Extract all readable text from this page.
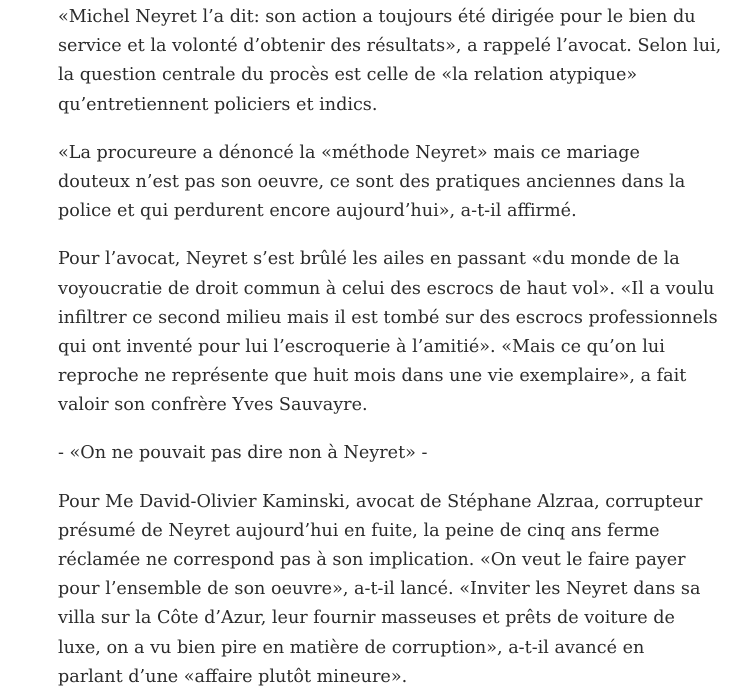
«Michel Neyret l’a dit: son action a toujours été dirigée pour le bien du
service et la volonté d’obtenir des résultats», a rappelé l’avocat. Selon lui,
la question centrale du procès est celle de «la relation atypique»
qu’entretiennent policiers et indics.

«La procureure a dénoncé la «méthode Neyret» mais ce mariage
douteux n’est pas son oeuvre, ce sont des pratiques anciennes dans la
police et qui perdurent encore aujourd’hui», a-t-il affirmé.

Pour l’avocat, Neyret s’est brûlé les ailes en passant «du monde de la
voyoucratie de droit commun à celui des escrocs de haut vol». «Il a voulu
infiltrer ce second milieu mais il est tombé sur des escrocs professionnels
qui ont inventé pour lui l’escroquerie à l’amitié». «Mais ce qu’on lui
reproche ne représente que huit mois dans une vie exemplaire», a fait
valoir son confrère Yves Sauvayre.

- «On ne pouvait pas dire non à Neyret» -

Pour Me David-Olivier Kaminski, avocat de Stéphane Alzraa, corrupteur
présumé de Neyret aujourd’hui en fuite, la peine de cinq ans ferme
réclamée ne correspond pas à son implication. «On veut le faire payer
pour l’ensemble de son oeuvre», a-t-il lancé. «Inviter les Neyret dans sa
villa sur la Côte d’Azur, leur fournir masseuses et prêts de voiture de
luxe, on a vu bien pire en matière de corruption», a-t-il avancé en
parlant d’une «affaire plutôt mineure».
